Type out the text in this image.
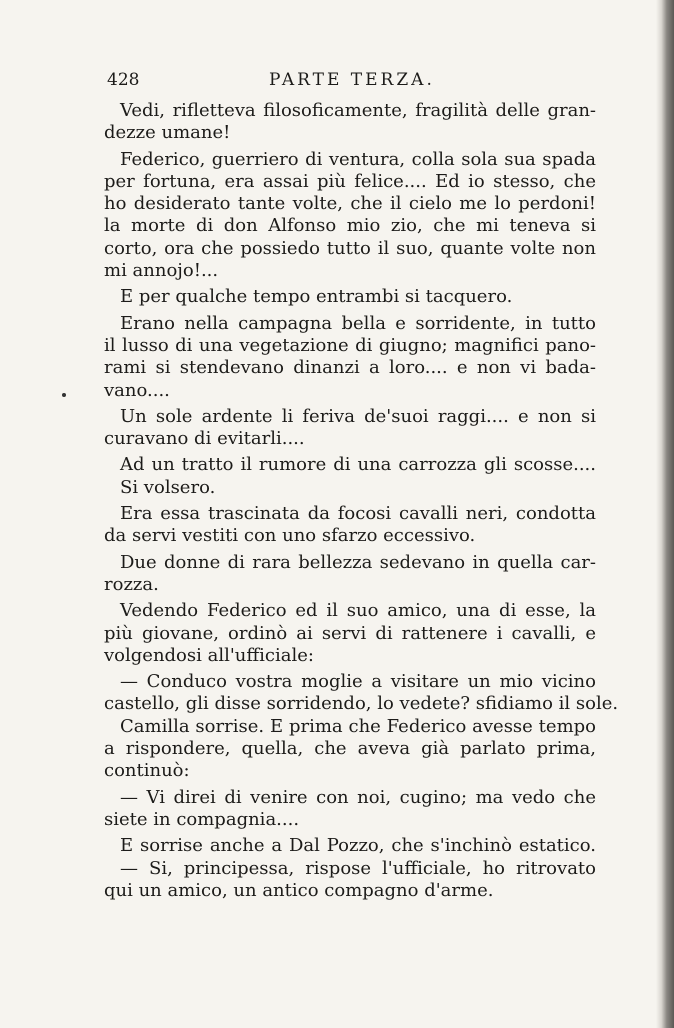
428	PARTE TERZA.
Vedi, rifletteva filosoficamente, fragilità delle gran-
dezze umane!
Federico, guerriero di ventura, colla sola sua spada
per fortuna, era assai più felice.... Ed io stesso, che
ho desiderato tante volte, che il cielo me lo perdoni!
la morte di don Alfonso mio zio, che mi teneva si
corto, ora che possiedo tutto il suo, quante volte non
mi annojo!...
E per qualche tempo entrambi si tacquero.
Erano nella campagna bella e sorridente, in tutto
il lusso di una vegetazione di giugno; magnifici pano-
rami si stendevano dinanzi a loro.... e non vi bada-
vano....
Un sole ardente li feriva de'suoi raggi.... e non si
curavano di evitarli....
Ad un tratto il rumore di una carrozza gli scosse....
Si volsero.
Era essa trascinata da focosi cavalli neri, condotta
da servi vestiti con uno sfarzo eccessivo.
Due donne di rara bellezza sedevano in quella car-
rozza.
Vedendo Federico ed il suo amico, una di esse, la
più giovane, ordinò ai servi di rattenere i cavalli, e
volgendosi all'ufficiale:
— Conduco vostra moglie a visitare un mio vicino
castello, gli disse sorridendo, lo vedete? sfidiamo il sole.
Camilla sorrise. E prima che Federico avesse tempo
a rispondere, quella, che aveva già parlato prima,
continuò:
— Vi direi di venire con noi, cugino; ma vedo che
siete in compagnia....
E sorrise anche a Dal Pozzo, che s'inchinò estatico.
— Si, principessa, rispose l'ufficiale, ho ritrovato
qui un amico, un antico compagno d'arme.
